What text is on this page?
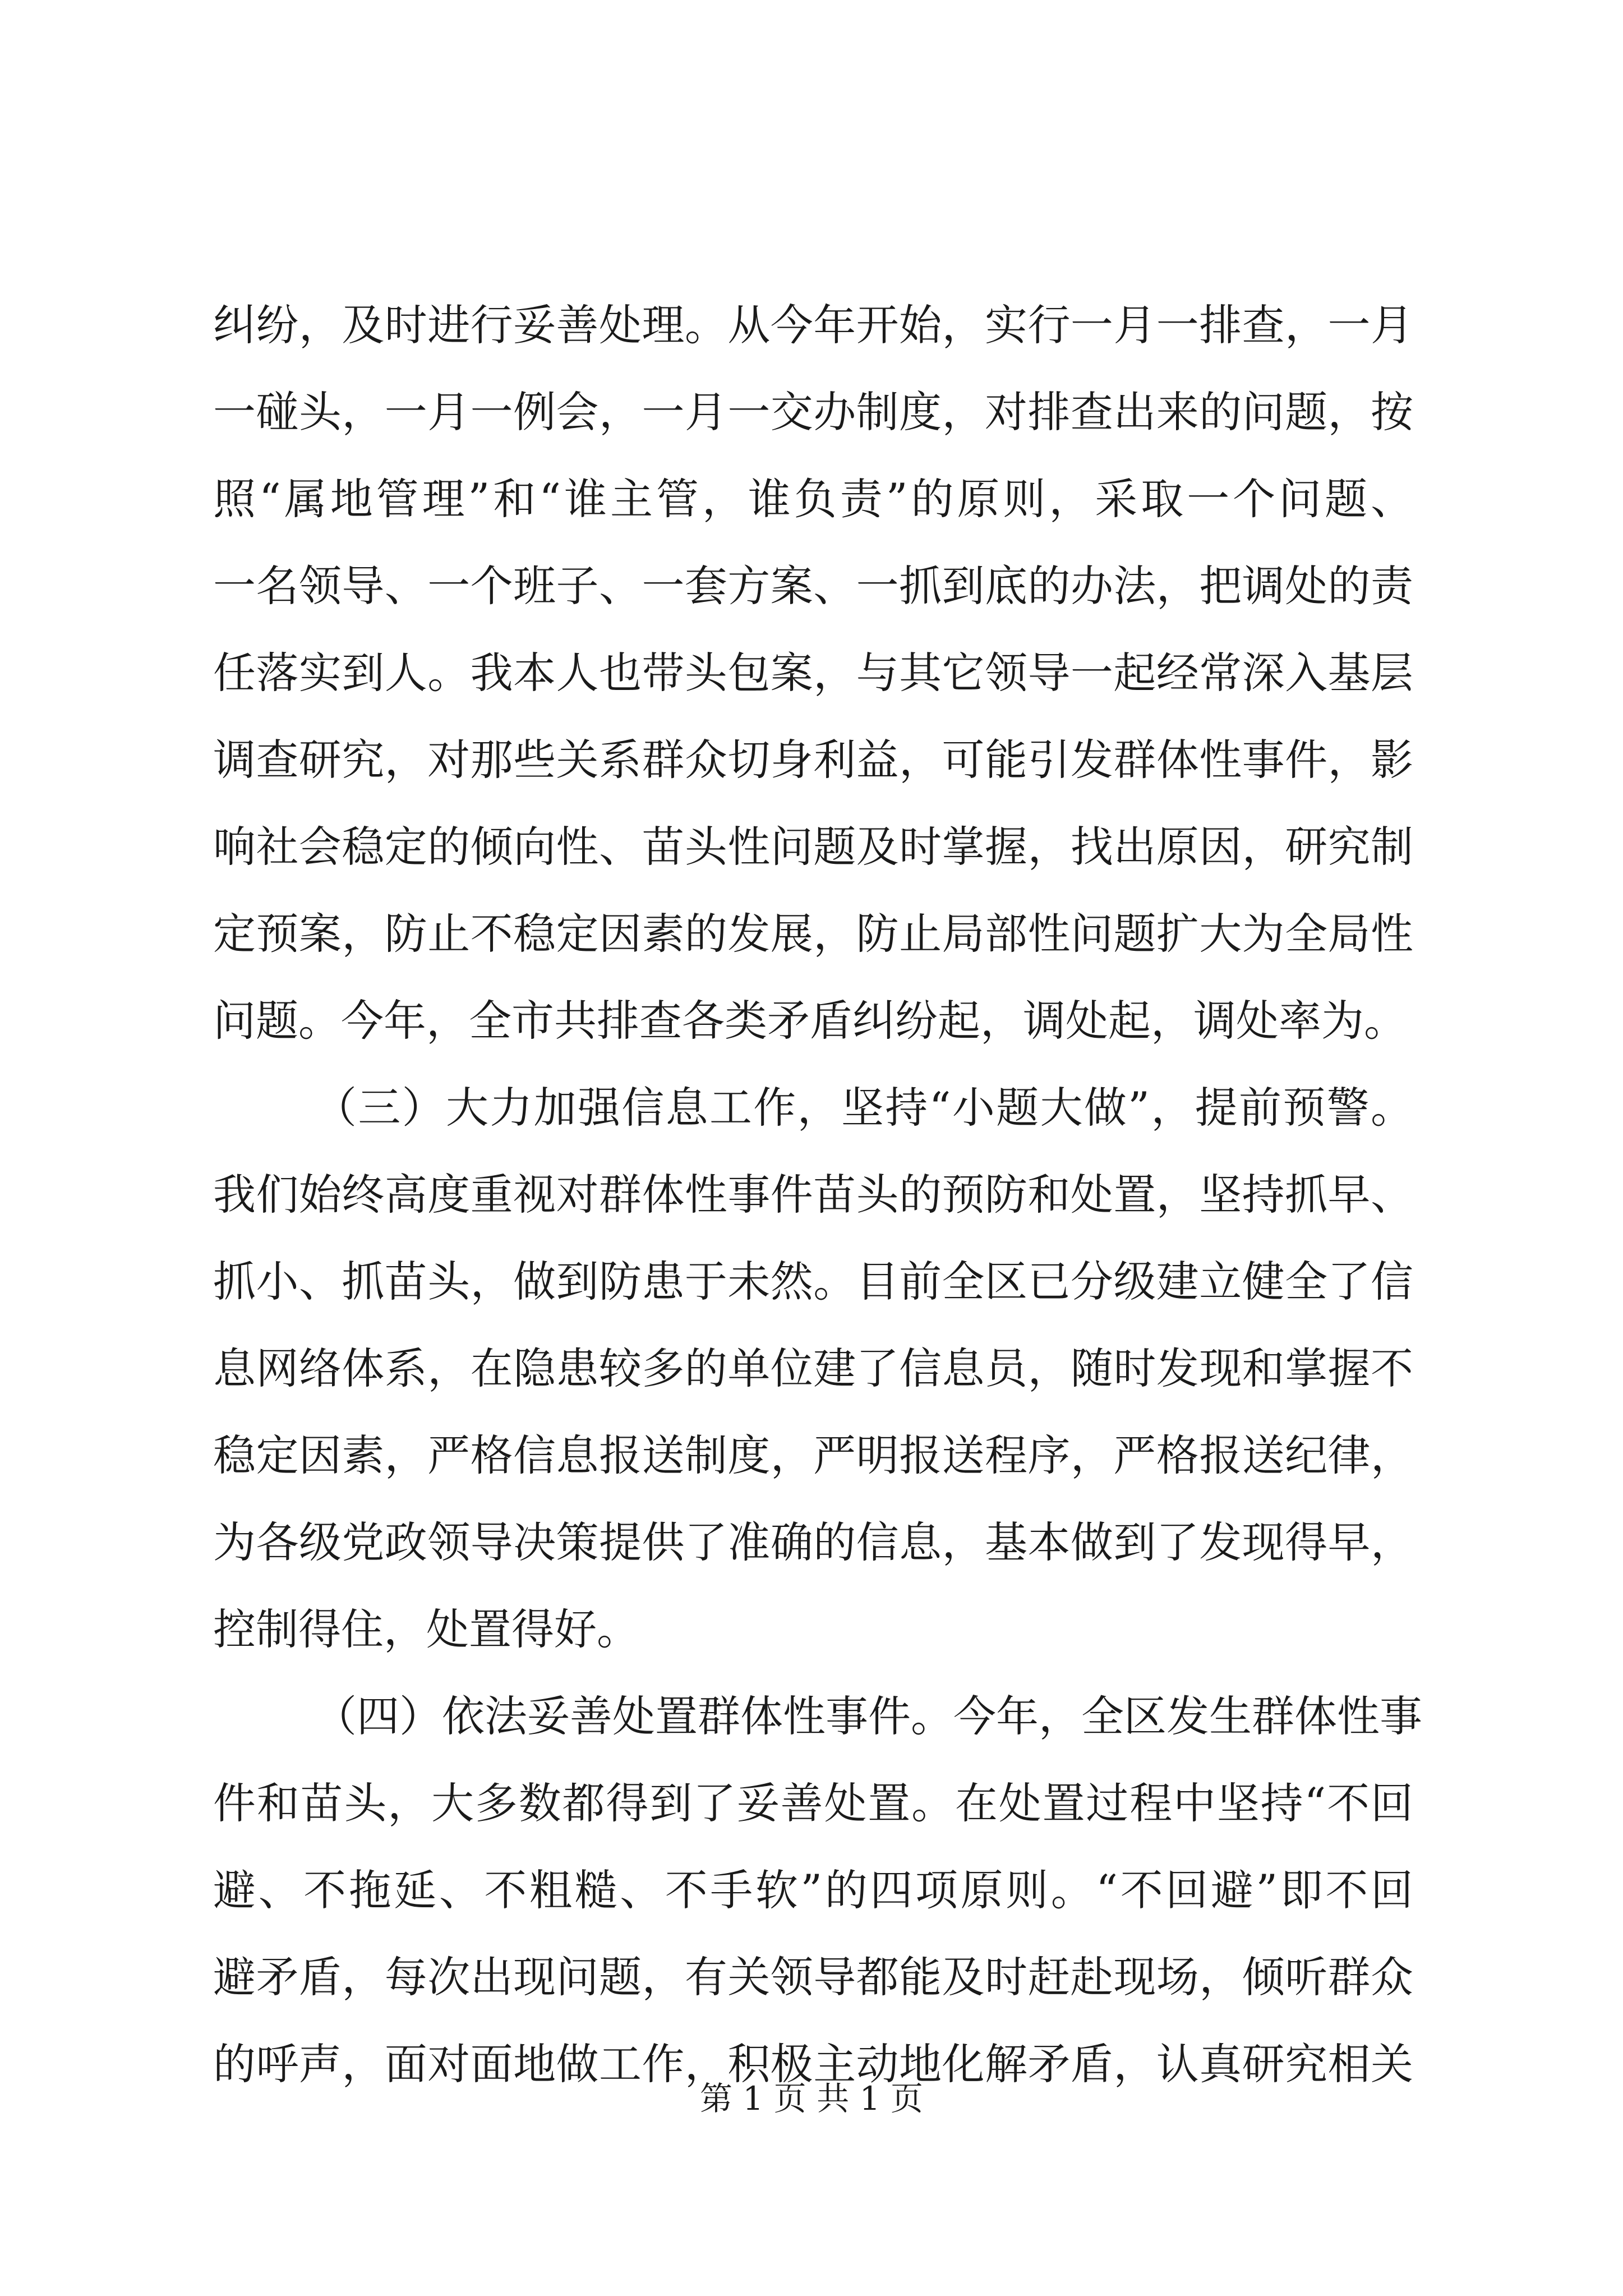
纠纷，及时进行妥善处理。从今年开始，实行一月一排查，一月

一碰头，一月一例会，一月一交办制度，对排查出来的问题，按

照“属地管理”和“谁主管，谁负责”的原则，采取一个问题、

一名领导、一个班子、一套方案、一抓到底的办法，把调处的责

任落实到人。我本人也带头包案，与其它领导一起经常深入基层

调查研究，对那些关系群众切身利益，可能引发群体性事件，影

响社会稳定的倾向性、苗头性问题及时掌握，找出原因，研究制

定预案，防止不稳定因素的发展，防止局部性问题扩大为全局性

问题。今年，全市共排查各类矛盾纠纷起，调处起，调处率为。

（三）大力加强信息工作，坚持“小题大做”，提前预警。

我们始终高度重视对群体性事件苗头的预防和处置，坚持抓早、

抓小、抓苗头，做到防患于未然。目前全区已分级建立健全了信

息网络体系，在隐患较多的单位建了信息员，随时发现和掌握不

稳定因素，严格信息报送制度，严明报送程序，严格报送纪律，

为各级党政领导决策提供了准确的信息，基本做到了发现得早，

控制得住，处置得好。

（四）依法妥善处置群体性事件。今年，全区发生群体性事

件和苗头，大多数都得到了妥善处置。在处置过程中坚持“不回

避、不拖延、不粗糙、不手软”的四项原则。“不回避”即不回

避矛盾，每次出现问题，有关领导都能及时赶赴现场，倾听群众

的呼声，面对面地做工作，积极主动地化解矛盾，认真研究相关

第 1 页 共 1 页
